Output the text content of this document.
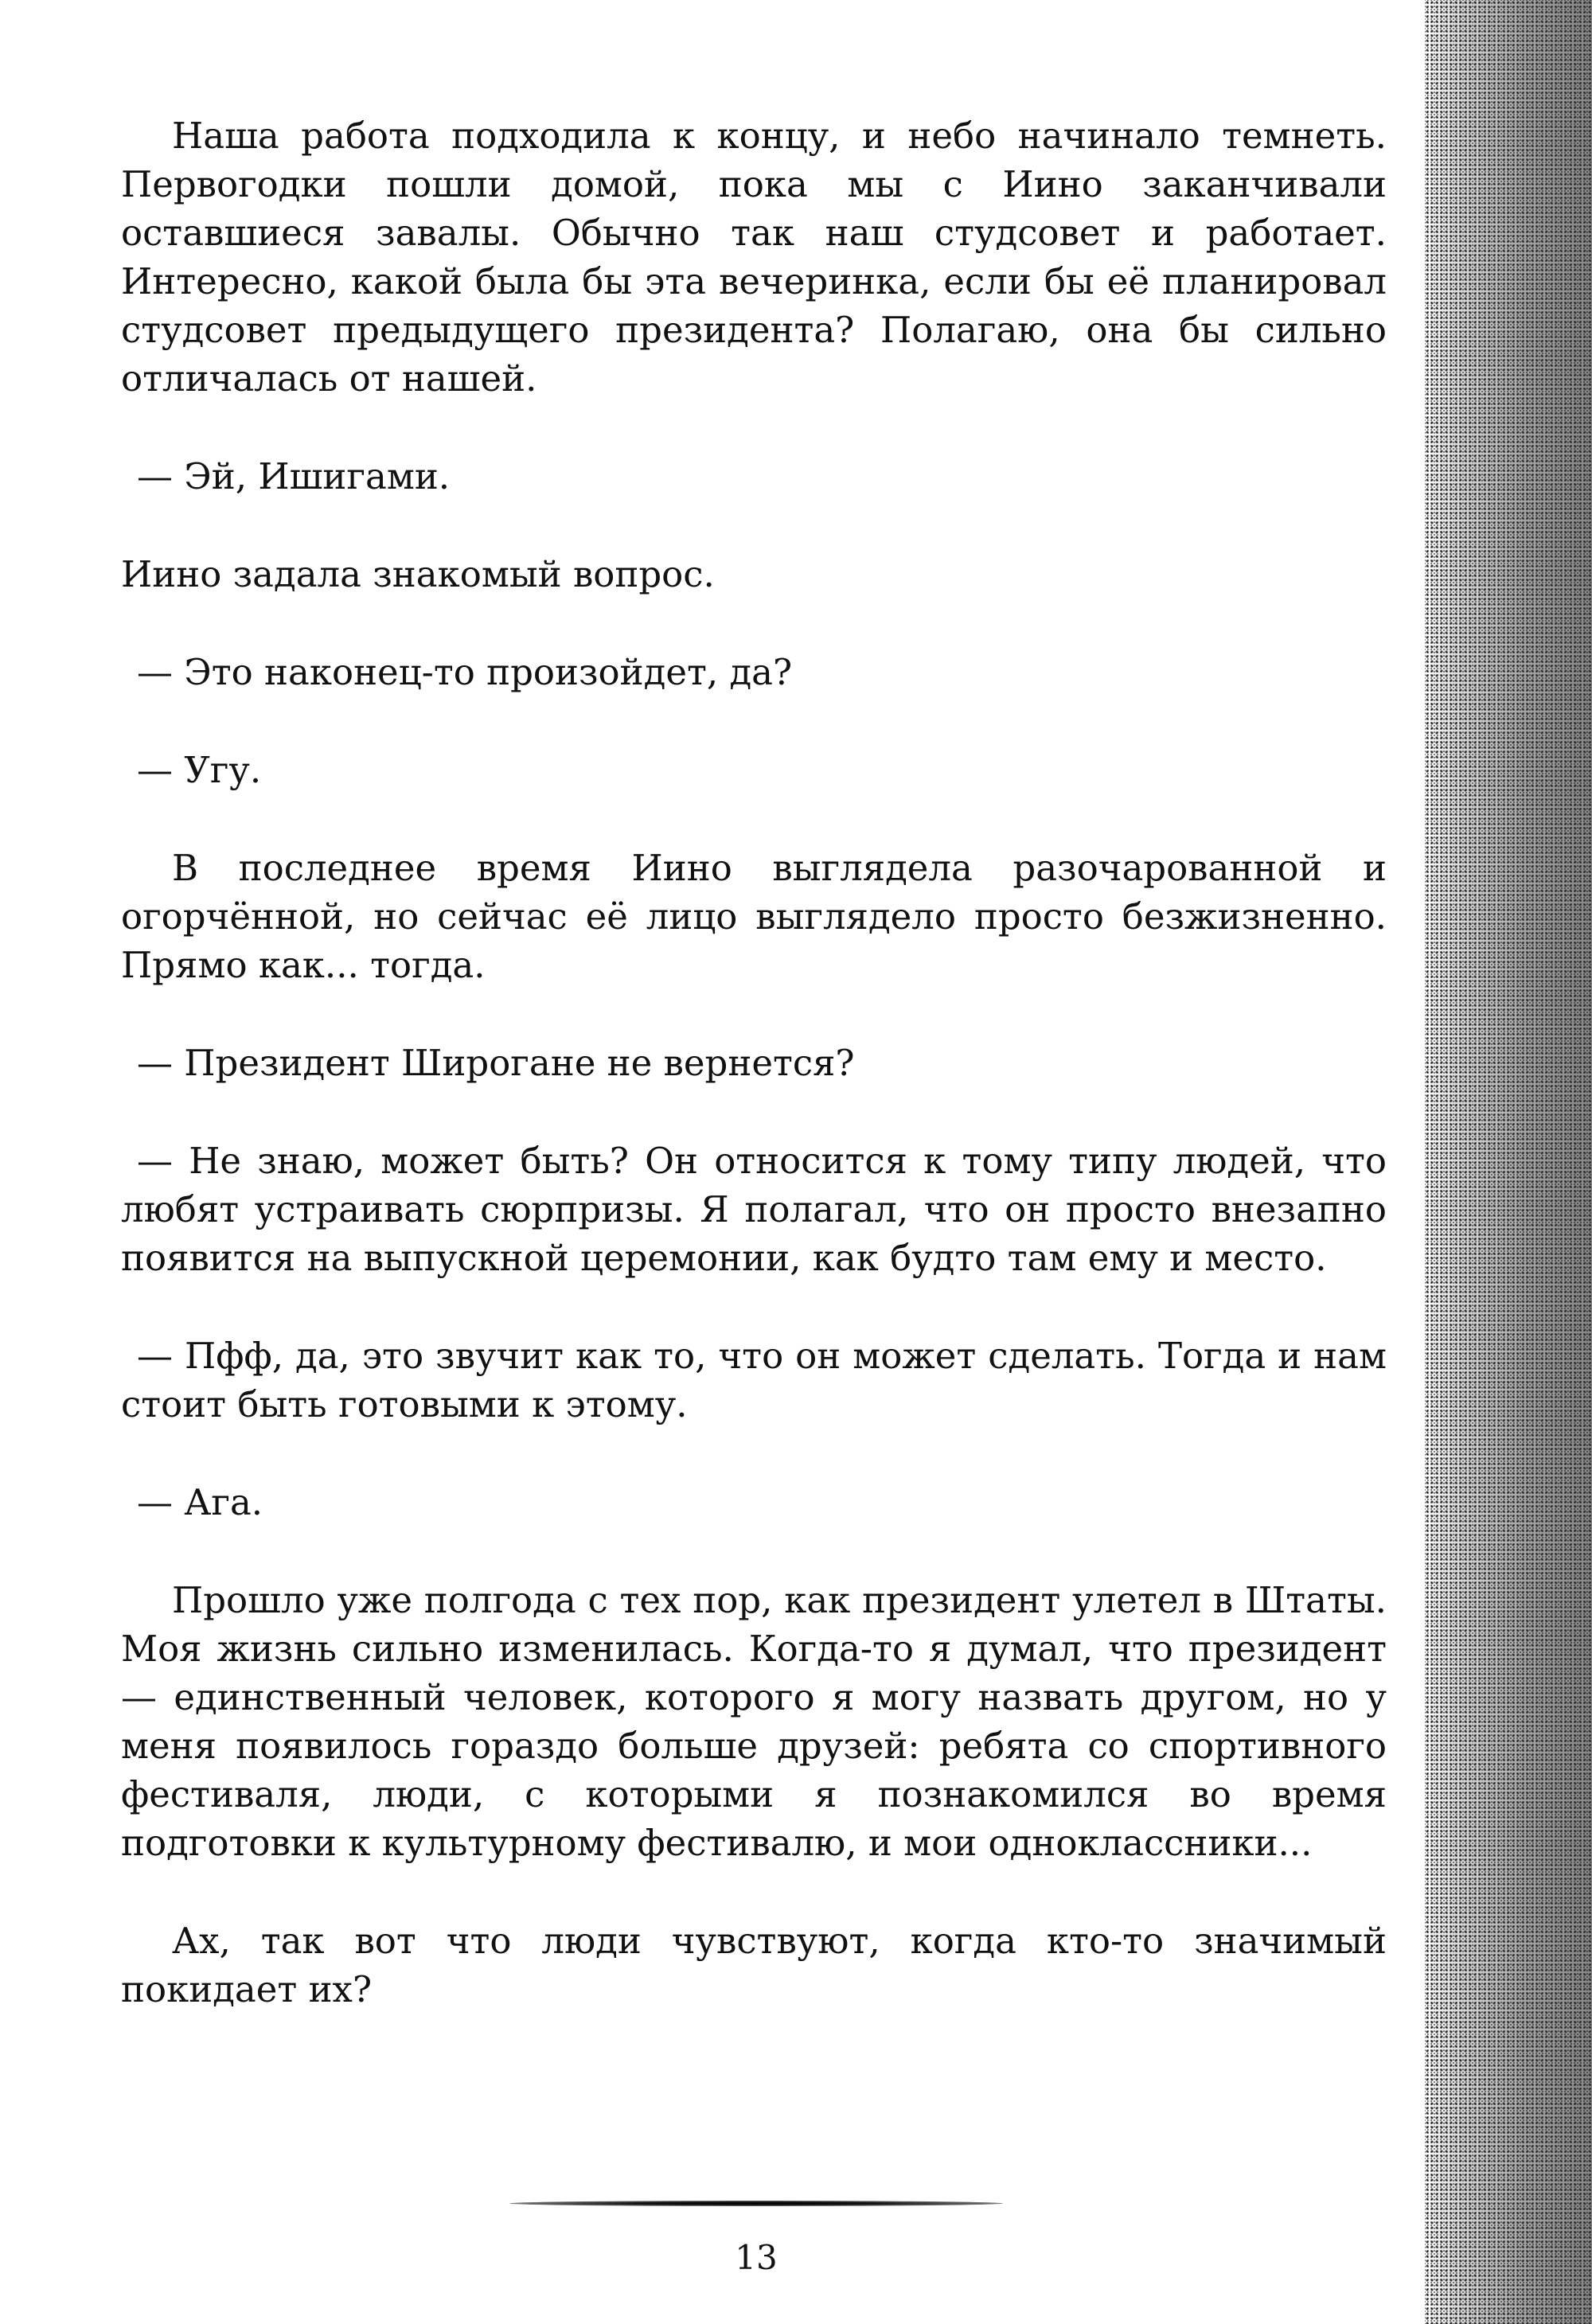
Наша работа подходила к концу, и небо начинало темнеть. Первогодки пошли домой, пока мы с Иино заканчивали оставшиеся завалы. Обычно так наш студсовет и работает. Интересно, какой была бы эта вечеринка, если бы её планировал студсовет предыдущего президента? Полагаю, она бы сильно отличалась от нашей.

— Эй, Ишигами.

Иино задала знакомый вопрос.

— Это наконец-то произойдет, да?

— Угу.

В последнее время Иино выглядела разочарованной и огорчённой, но сейчас её лицо выглядело просто безжизненно. Прямо как... тогда.

— Президент Широгане не вернется?

— Не знаю, может быть? Он относится к тому типу людей, что любят устраивать сюрпризы. Я полагал, что он просто внезапно появится на выпускной церемонии, как будто там ему и место.

— Пфф, да, это звучит как то, что он может сделать. Тогда и нам стоит быть готовыми к этому.

— Ага.

Прошло уже полгода с тех пор, как президент улетел в Штаты. Моя жизнь сильно изменилась. Когда-то я думал, что президент — единственный человек, которого я могу назвать другом, но у меня появилось гораздо больше друзей: ребята со спортивного фестиваля, люди, с которыми я познакомился во время подготовки к культурному фестивалю, и мои одноклассники...

Ах, так вот что люди чувствуют, когда кто-то значимый покидает их?

13
